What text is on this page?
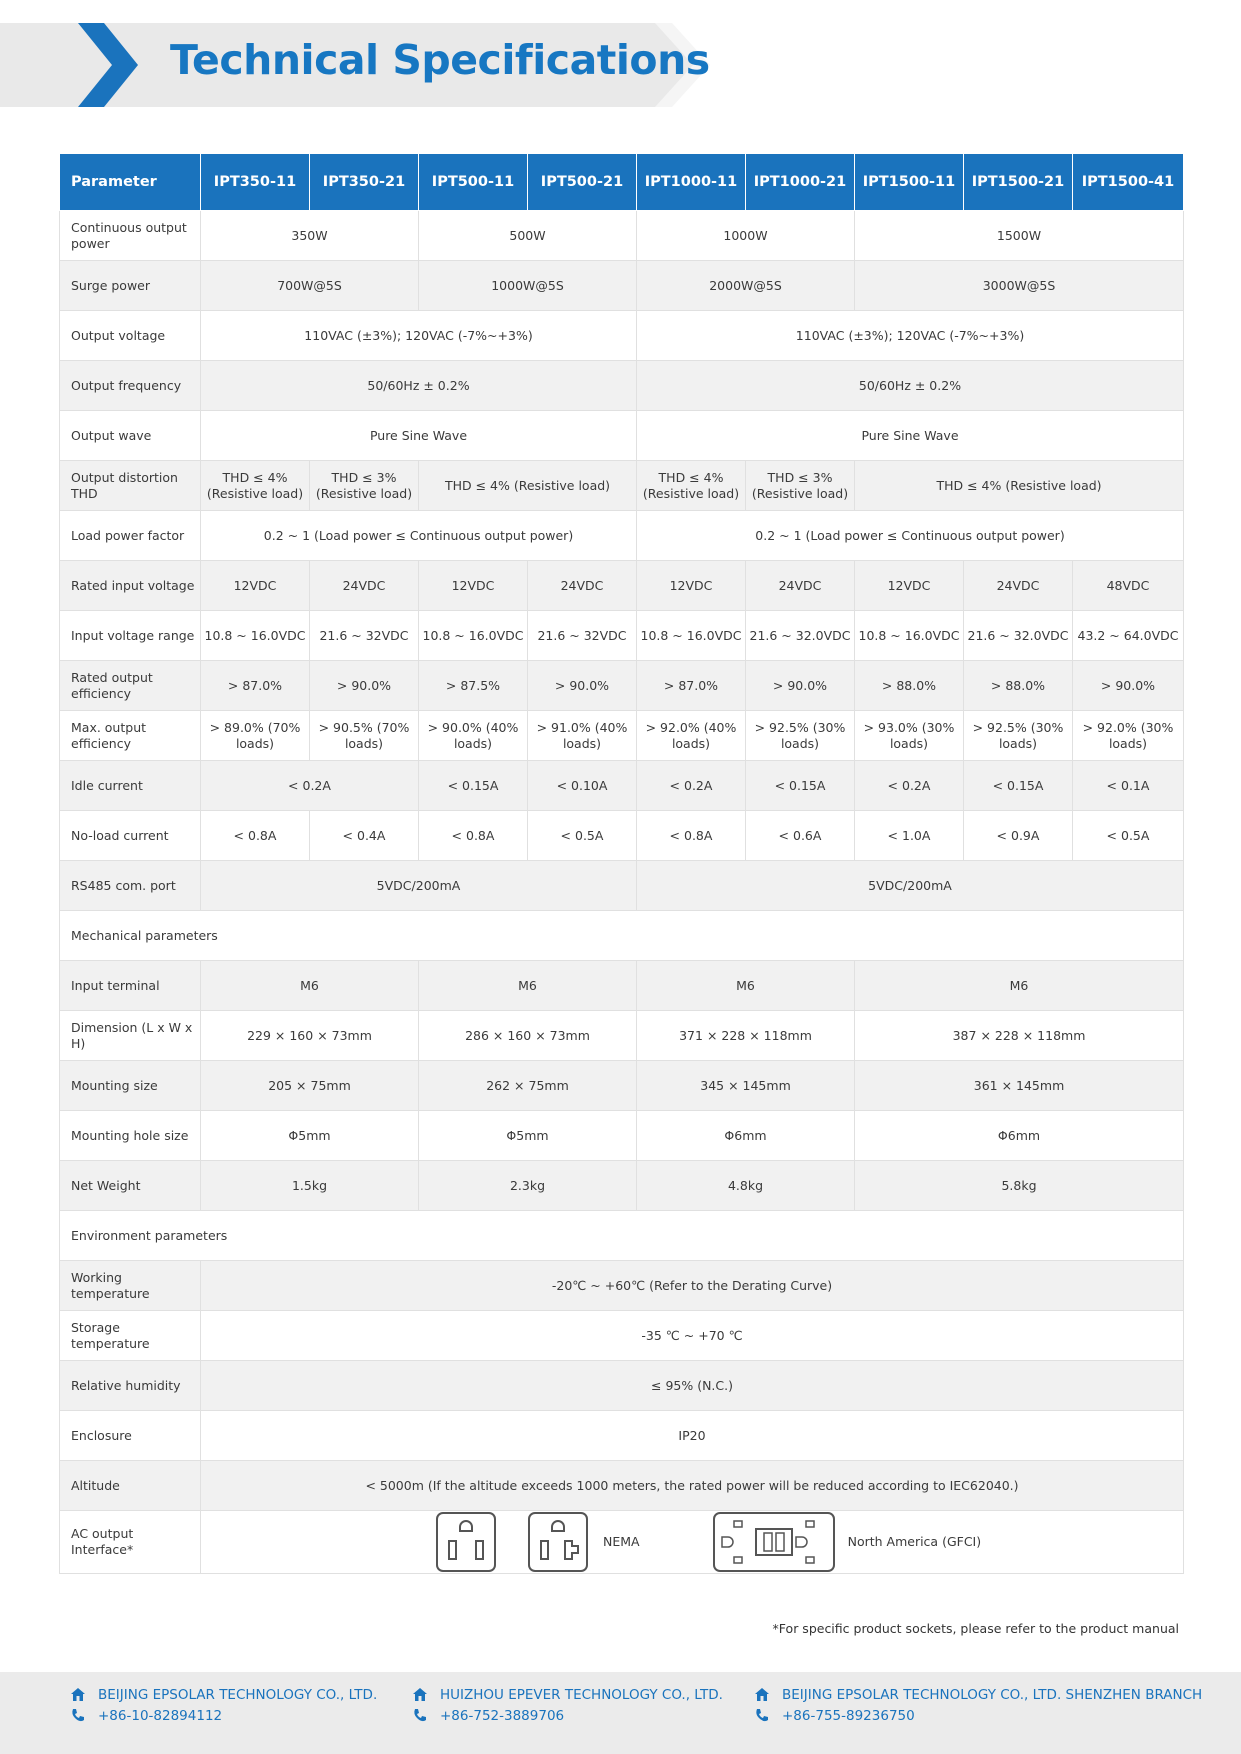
Technical Specifications
Parameter	IPT350-11	IPT350-21	IPT500-11	IPT500-21	IPT1000-11	IPT1000-21	IPT1500-11	IPT1500-21	IPT1500-41
Continuous output power	350W		500W		1000W		1500W		
Surge power	700W@5S		1000W@5S		2000W@5S		3000W@5S		
Output voltage	110VAC (±3%); 120VAC (-7%~+3%)				110VAC (±3%); 120VAC (-7%~+3%)				
Output frequency	50/60Hz ± 0.2%				50/60Hz ± 0.2%				
Output wave	Pure Sine Wave				Pure Sine Wave				
Output distortion THD	THD ≤ 4% (Resistive load)	THD ≤ 3% (Resistive load)	THD ≤ 4% (Resistive load)		THD ≤ 4% (Resistive load)	THD ≤ 3% (Resistive load)	THD ≤ 4% (Resistive load)		
Load power factor	0.2 ~ 1 (Load power ≤ Continuous output power)				0.2 ~ 1 (Load power ≤ Continuous output power)				
Rated input voltage	12VDC	24VDC	12VDC	24VDC	12VDC	24VDC	12VDC	24VDC	48VDC
Input voltage range	10.8 ~ 16.0VDC	21.6 ~ 32VDC	10.8 ~ 16.0VDC	21.6 ~ 32VDC	10.8 ~ 16.0VDC	21.6 ~ 32.0VDC	10.8 ~ 16.0VDC	21.6 ~ 32.0VDC	43.2 ~ 64.0VDC
Rated output efficiency	> 87.0%	> 90.0%	> 87.5%	> 90.0%	> 87.0%	> 90.0%	> 88.0%	> 88.0%	> 90.0%
Max. output efficiency	> 89.0% (70% loads)	> 90.5% (70% loads)	> 90.0% (40% loads)	> 91.0% (40% loads)	> 92.0% (40% loads)	> 92.5% (30% loads)	> 93.0% (30% loads)	> 92.5% (30% loads)	> 92.0% (30% loads)
Idle current	< 0.2A		< 0.15A	< 0.10A	< 0.2A	< 0.15A	< 0.2A	< 0.15A	< 0.1A
No-load current	< 0.8A	< 0.4A	< 0.8A	< 0.5A	< 0.8A	< 0.6A	< 1.0A	< 0.9A	< 0.5A
RS485 com. port	5VDC/200mA				5VDC/200mA				
Mechanical parameters									
Input terminal	M6		M6		M6		M6		
Dimension (L x W x H)	229 × 160 × 73mm		286 × 160 × 73mm		371 × 228 × 118mm		387 × 228 × 118mm		
Mounting size	205 × 75mm		262 × 75mm		345 × 145mm		361 × 145mm		
Mounting hole size	Φ5mm		Φ5mm		Φ6mm		Φ6mm		
Net Weight	1.5kg		2.3kg		4.8kg		5.8kg		
Environment parameters									
Working temperature	-20℃ ~ +60℃ (Refer to the Derating Curve)								
Storage temperature	-35 ℃ ~ +70 ℃								
Relative humidity	≤ 95% (N.C.)								
Enclosure	IP20								
Altitude	< 5000m (If the altitude exceeds 1000 meters, the rated power will be reduced according to IEC62040.)								
AC output Interface*	NEMA North America (GFCI)								
*For specific product sockets, please refer to the product manual
BEIJING EPSOLAR TECHNOLOGY CO., LTD.
+86-10-82894112
HUIZHOU EPEVER TECHNOLOGY CO., LTD.
+86-752-3889706
BEIJING EPSOLAR TECHNOLOGY CO., LTD. SHENZHEN BRANCH
+86-755-89236750
